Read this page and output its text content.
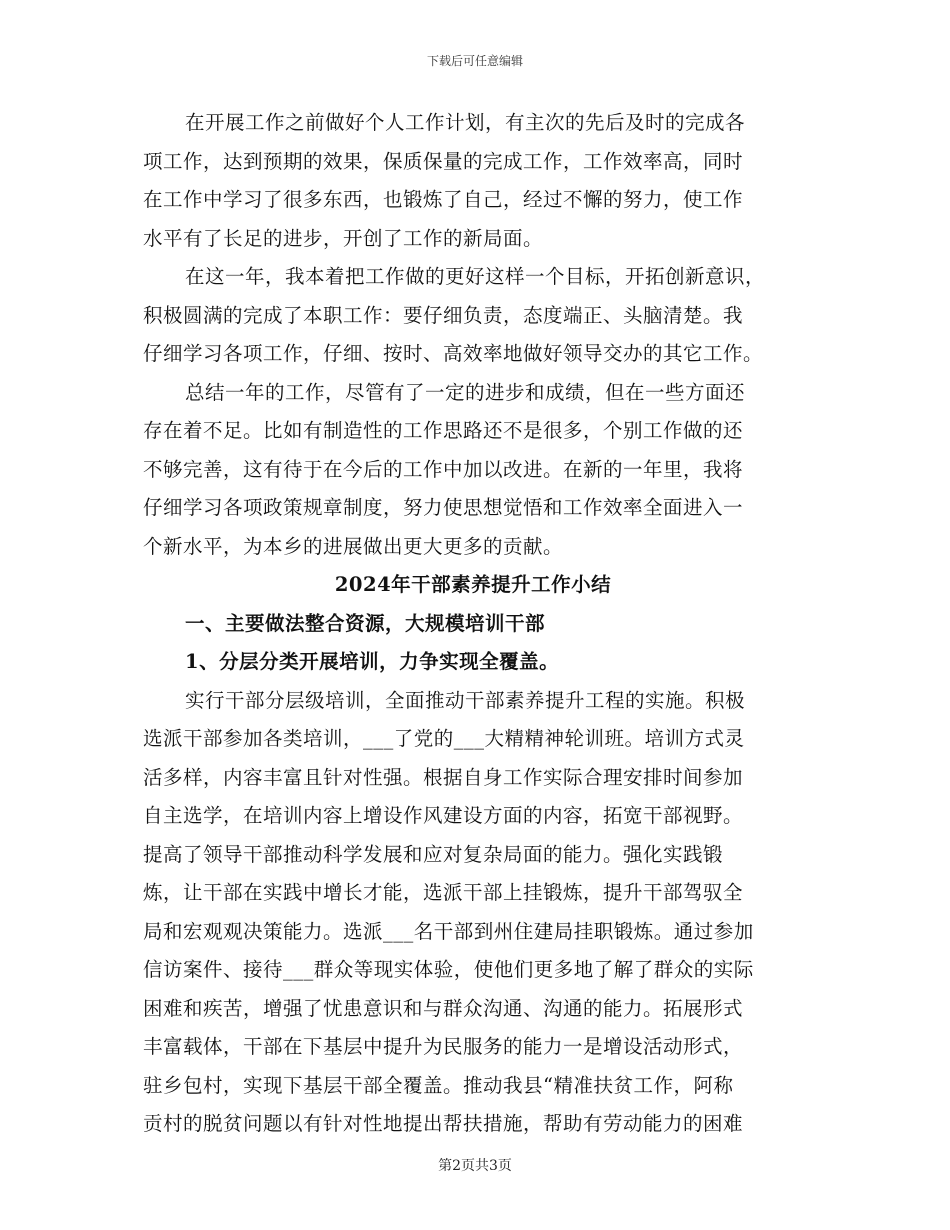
下载后可任意编辑
在开展工作之前做好个人工作计划，有主次的先后及时的完成各
项工作，达到预期的效果，保质保量的完成工作，工作效率高，同时
在工作中学习了很多东西，也锻炼了自己，经过不懈的努力，使工作
水平有了长足的进步，开创了工作的新局面。
在这一年，我本着把工作做的更好这样一个目标，开拓创新意识，
积极圆满的完成了本职工作：要仔细负责，态度端正、头脑清楚。我
仔细学习各项工作，仔细、按时、高效率地做好领导交办的其它工作。
总结一年的工作，尽管有了一定的进步和成绩，但在一些方面还
存在着不足。比如有制造性的工作思路还不是很多，个别工作做的还
不够完善，这有待于在今后的工作中加以改进。在新的一年里，我将
仔细学习各项政策规章制度，努力使思想觉悟和工作效率全面进入一
个新水平，为本乡的进展做出更大更多的贡献。
2024年干部素养提升工作小结
一、主要做法整合资源，大规模培训干部
1、分层分类开展培训，力争实现全覆盖。
实行干部分层级培训，全面推动干部素养提升工程的实施。积极
选派干部参加各类培训，___了党的___大精精神轮训班。培训方式灵
活多样，内容丰富且针对性强。根据自身工作实际合理安排时间参加
自主选学，在培训内容上增设作风建设方面的内容，拓宽干部视野。
提高了领导干部推动科学发展和应对复杂局面的能力。强化实践锻
炼，让干部在实践中增长才能，选派干部上挂锻炼，提升干部驾驭全
局和宏观观决策能力。选派___名干部到州住建局挂职锻炼。通过参加
信访案件、接待___群众等现实体验，使他们更多地了解了群众的实际
困难和疾苦，增强了忧患意识和与群众沟通、沟通的能力。拓展形式
丰富载体，干部在下基层中提升为民服务的能力一是增设活动形式，
驻乡包村，实现下基层干部全覆盖。推动我县“精准扶贫工作，阿称
贡村的脱贫问题以有针对性地提出帮扶措施，帮助有劳动能力的困难
第2页共3页
